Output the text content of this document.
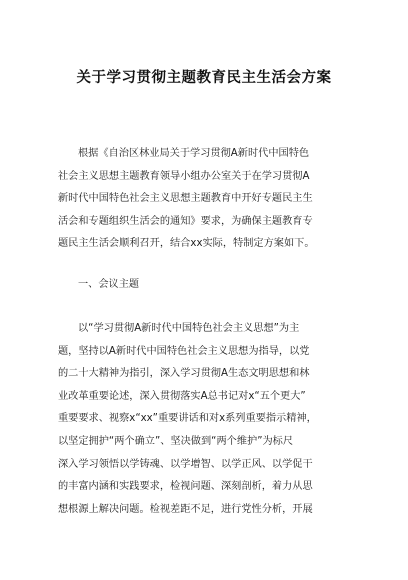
关于学习贯彻主题教育民主生活会方案
根据《自治区林业局关于学习贯彻A新时代中国特色
社会主义思想主题教育领导小组办公室关于在学习贯彻A
新时代中国特色社会主义思想主题教育中开好专题民主生
活会和专题组织生活会的通知》要求，为确保主题教育专
题民主生活会顺利召开，结合xx实际，特制定方案如下。
一、会议主题
以“学习贯彻A新时代中国特色社会主义思想”为主
题，坚持以A新时代中国特色社会主义思想为指导，以党
的二十大精神为指引，深入学习贯彻A生态文明思想和林
业改革重要论述，深入贯彻落实A总书记对x“五个更大”
重要要求、视察x“xx”重要讲话和对x系列重要指示精神，
以坚定拥护“两个确立”、坚决做到“两个维护”为标尺
深入学习领悟以学铸魂、以学增智、以学正风、以学促干
的丰富内涵和实践要求，检视问题、深刻剖析，着力从思
想根源上解决问题。检视差距不足，进行党性分析，开展
